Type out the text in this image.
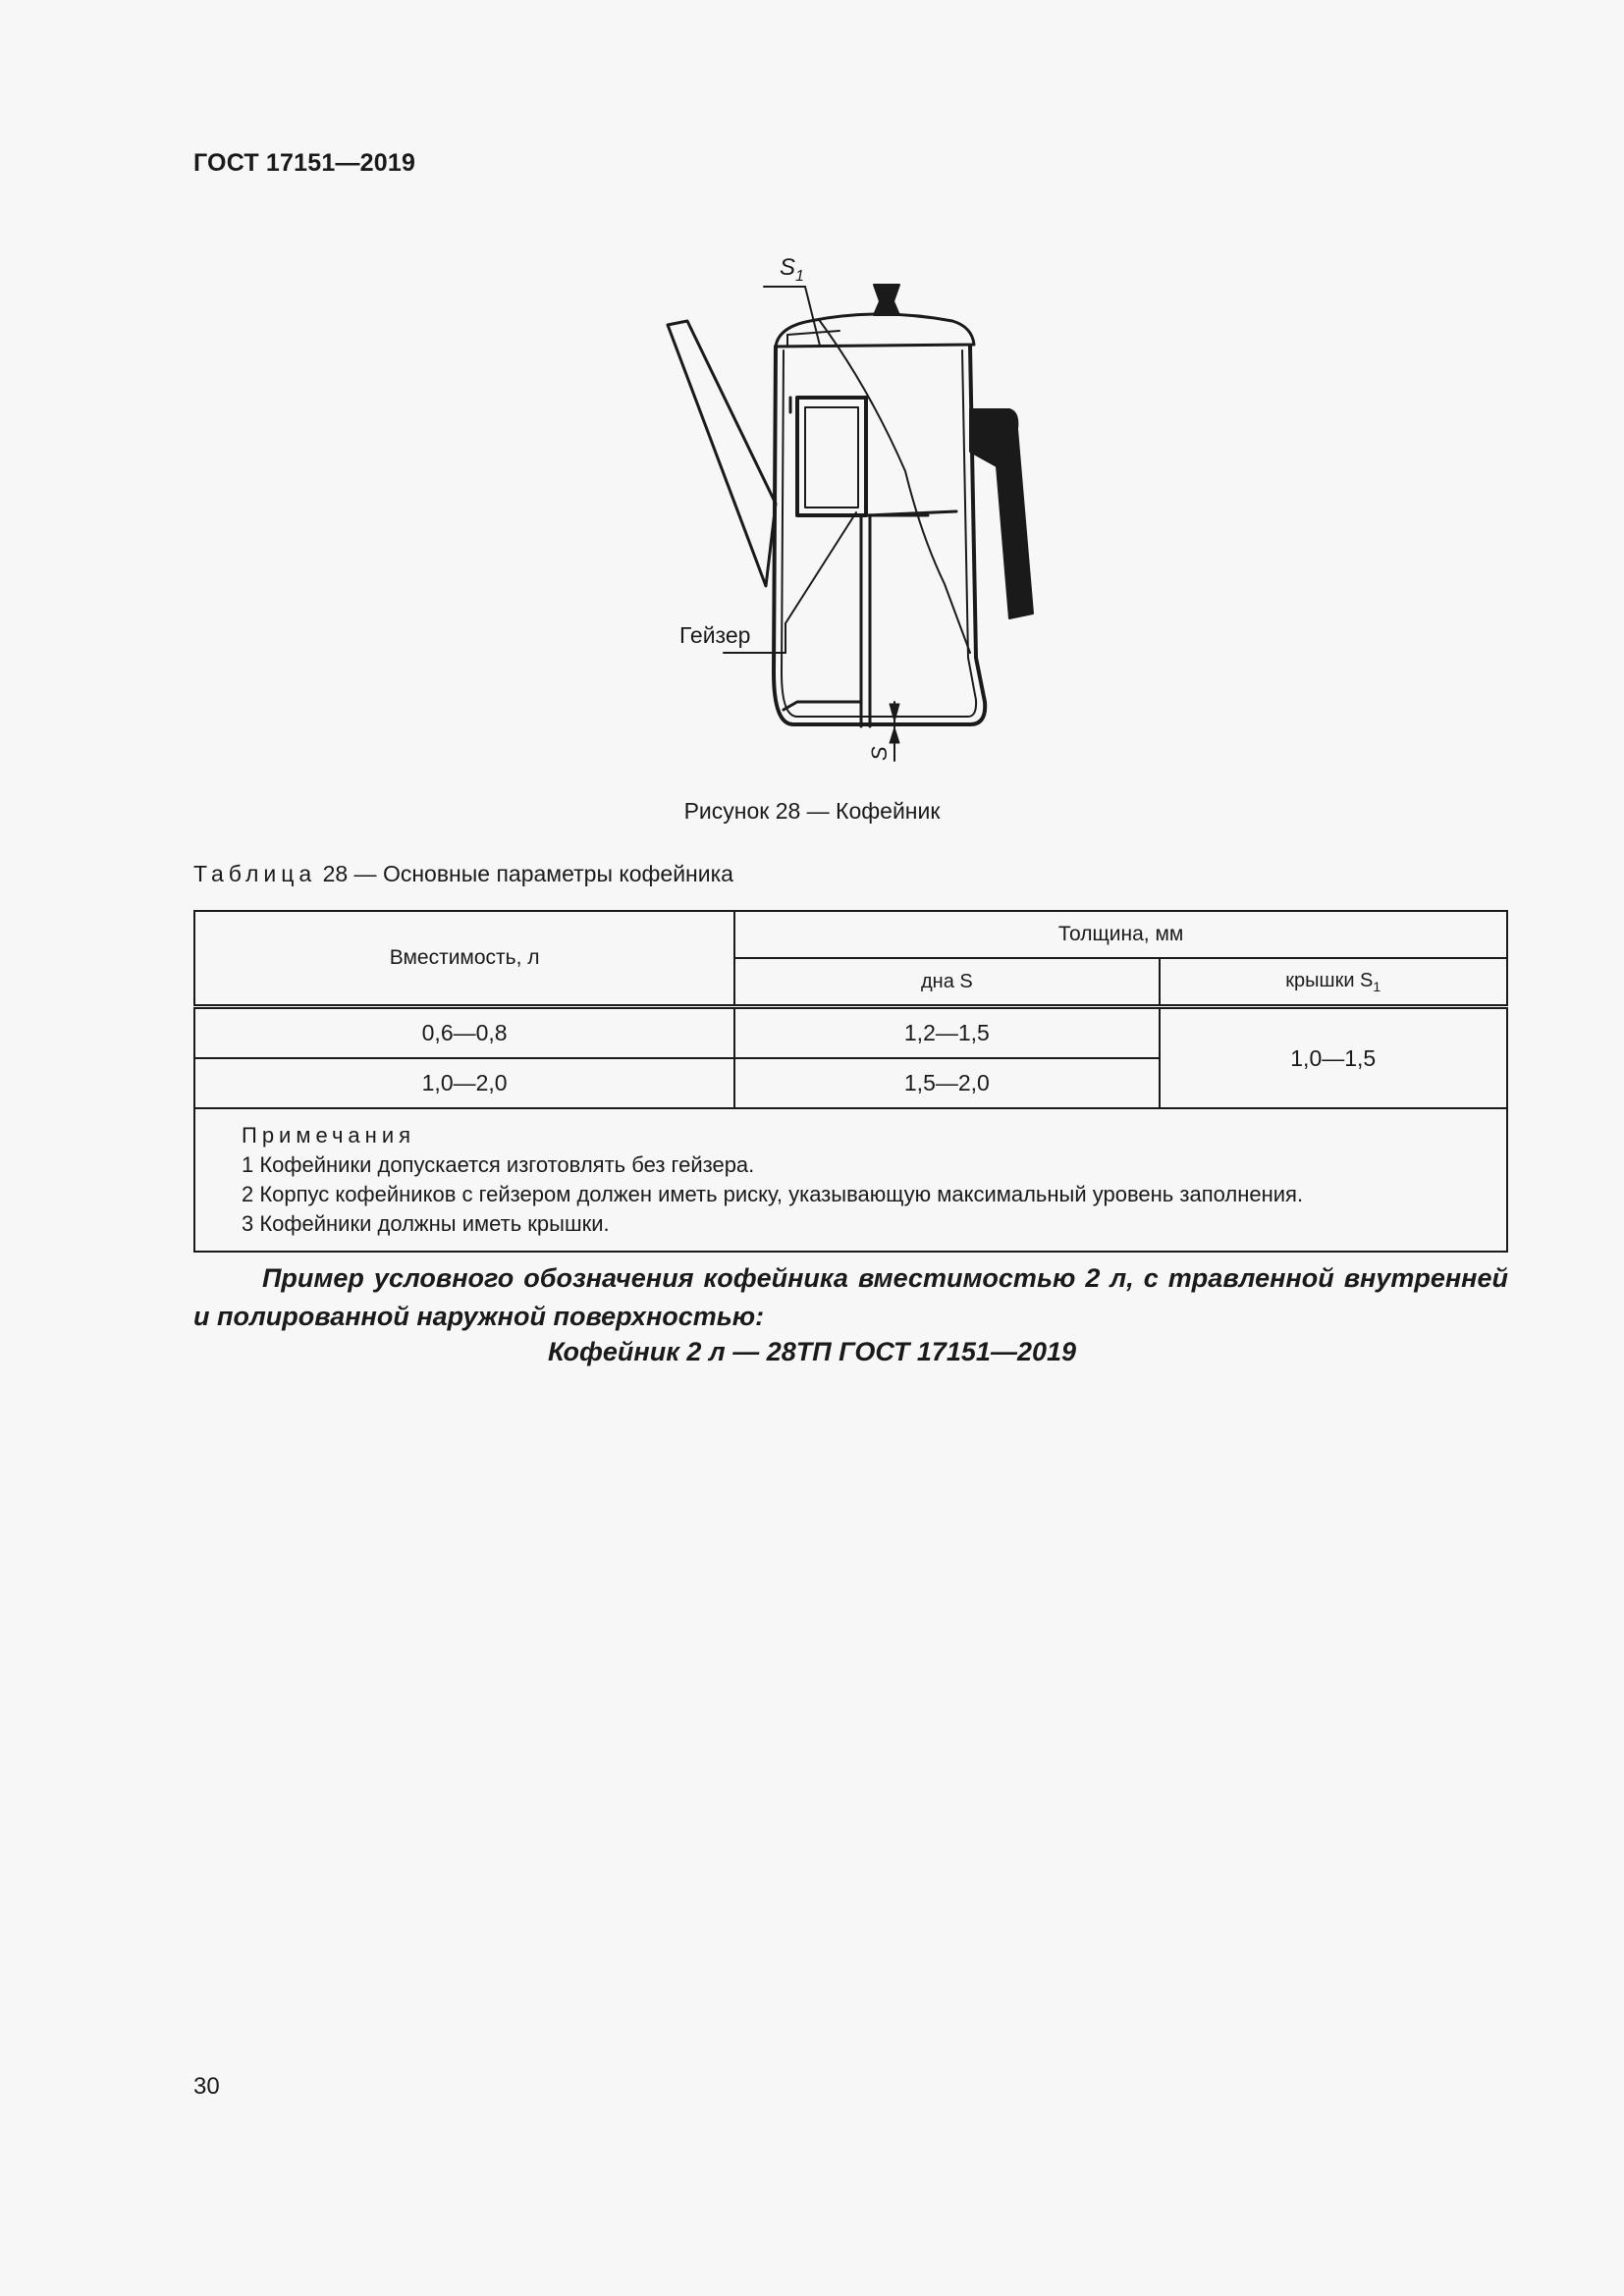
ГОСТ 17151—2019
$S_1$
Гейзер
S
Рисунок 28 — Кофейник
Таблица 28 — Основные параметры кофейника
Вместимость, л	Толщина, мм	
	дна S	крышки $S_1$
0,6—0,8	1,2—1,5	1,0—1,5
1,0—2,0	1,5—2,0	

Примечания
1 Кофейники допускается изготовлять без гейзера.
2 Корпус кофейников с гейзером должен иметь риску, указывающую максимальный уровень заполнения.
3 Кофейники должны иметь крышки.		
Пример условного обозначения кофейника вместимостью 2 л, с травленной внутренней и полированной наружной поверхностью:
Кофейник 2 л — 28ТП ГОСТ 17151—2019
30
